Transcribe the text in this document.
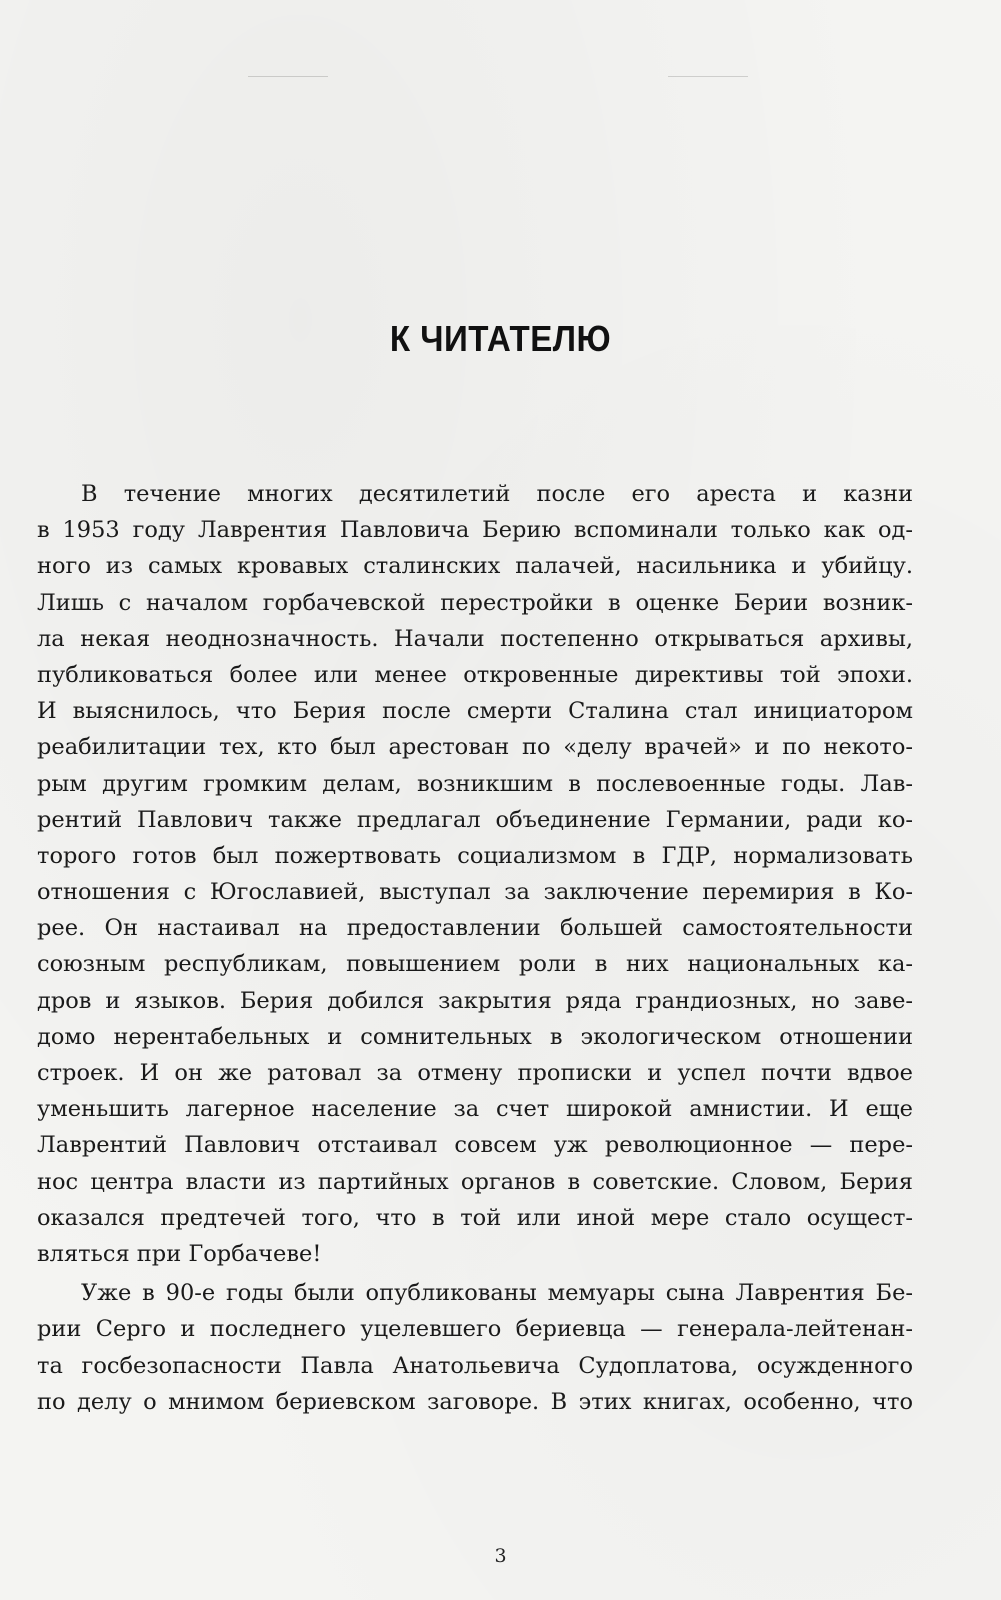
К ЧИТАТЕЛЮ
В течение многих десятилетий после его ареста и казни
в 1953 году Лаврентия Павловича Берию вспоминали только как од-
ного из самых кровавых сталинских палачей, насильника и убийцу.
Лишь с началом горбачевской перестройки в оценке Берии возник-
ла некая неоднозначность. Начали постепенно открываться архивы,
публиковаться более или менее откровенные директивы той эпохи.
И выяснилось, что Берия после смерти Сталина стал инициатором
реабилитации тех, кто был арестован по «делу врачей» и по некото-
рым другим громким делам, возникшим в послевоенные годы. Лав-
рентий Павлович также предлагал объединение Германии, ради ко-
торого готов был пожертвовать социализмом в ГДР, нормализовать
отношения с Югославией, выступал за заключение перемирия в Ко-
рее. Он настаивал на предоставлении большей самостоятельности
союзным республикам, повышением роли в них национальных ка-
дров и языков. Берия добился закрытия ряда грандиозных, но заве-
домо нерентабельных и сомнительных в экологическом отношении
строек. И он же ратовал за отмену прописки и успел почти вдвое
уменьшить лагерное население за счет широкой амнистии. И еще
Лаврентий Павлович отстаивал совсем уж революционное — пере-
нос центра власти из партийных органов в советские. Словом, Берия
оказался предтечей того, что в той или иной мере стало осущест-
вляться при Горбачеве!
Уже в 90-е годы были опубликованы мемуары сына Лаврентия Бе-
рии Серго и последнего уцелевшего бериевца — генерала-лейтенан-
та госбезопасности Павла Анатольевича Судоплатова, осужденного
по делу о мнимом бериевском заговоре. В этих книгах, особенно, что
3
